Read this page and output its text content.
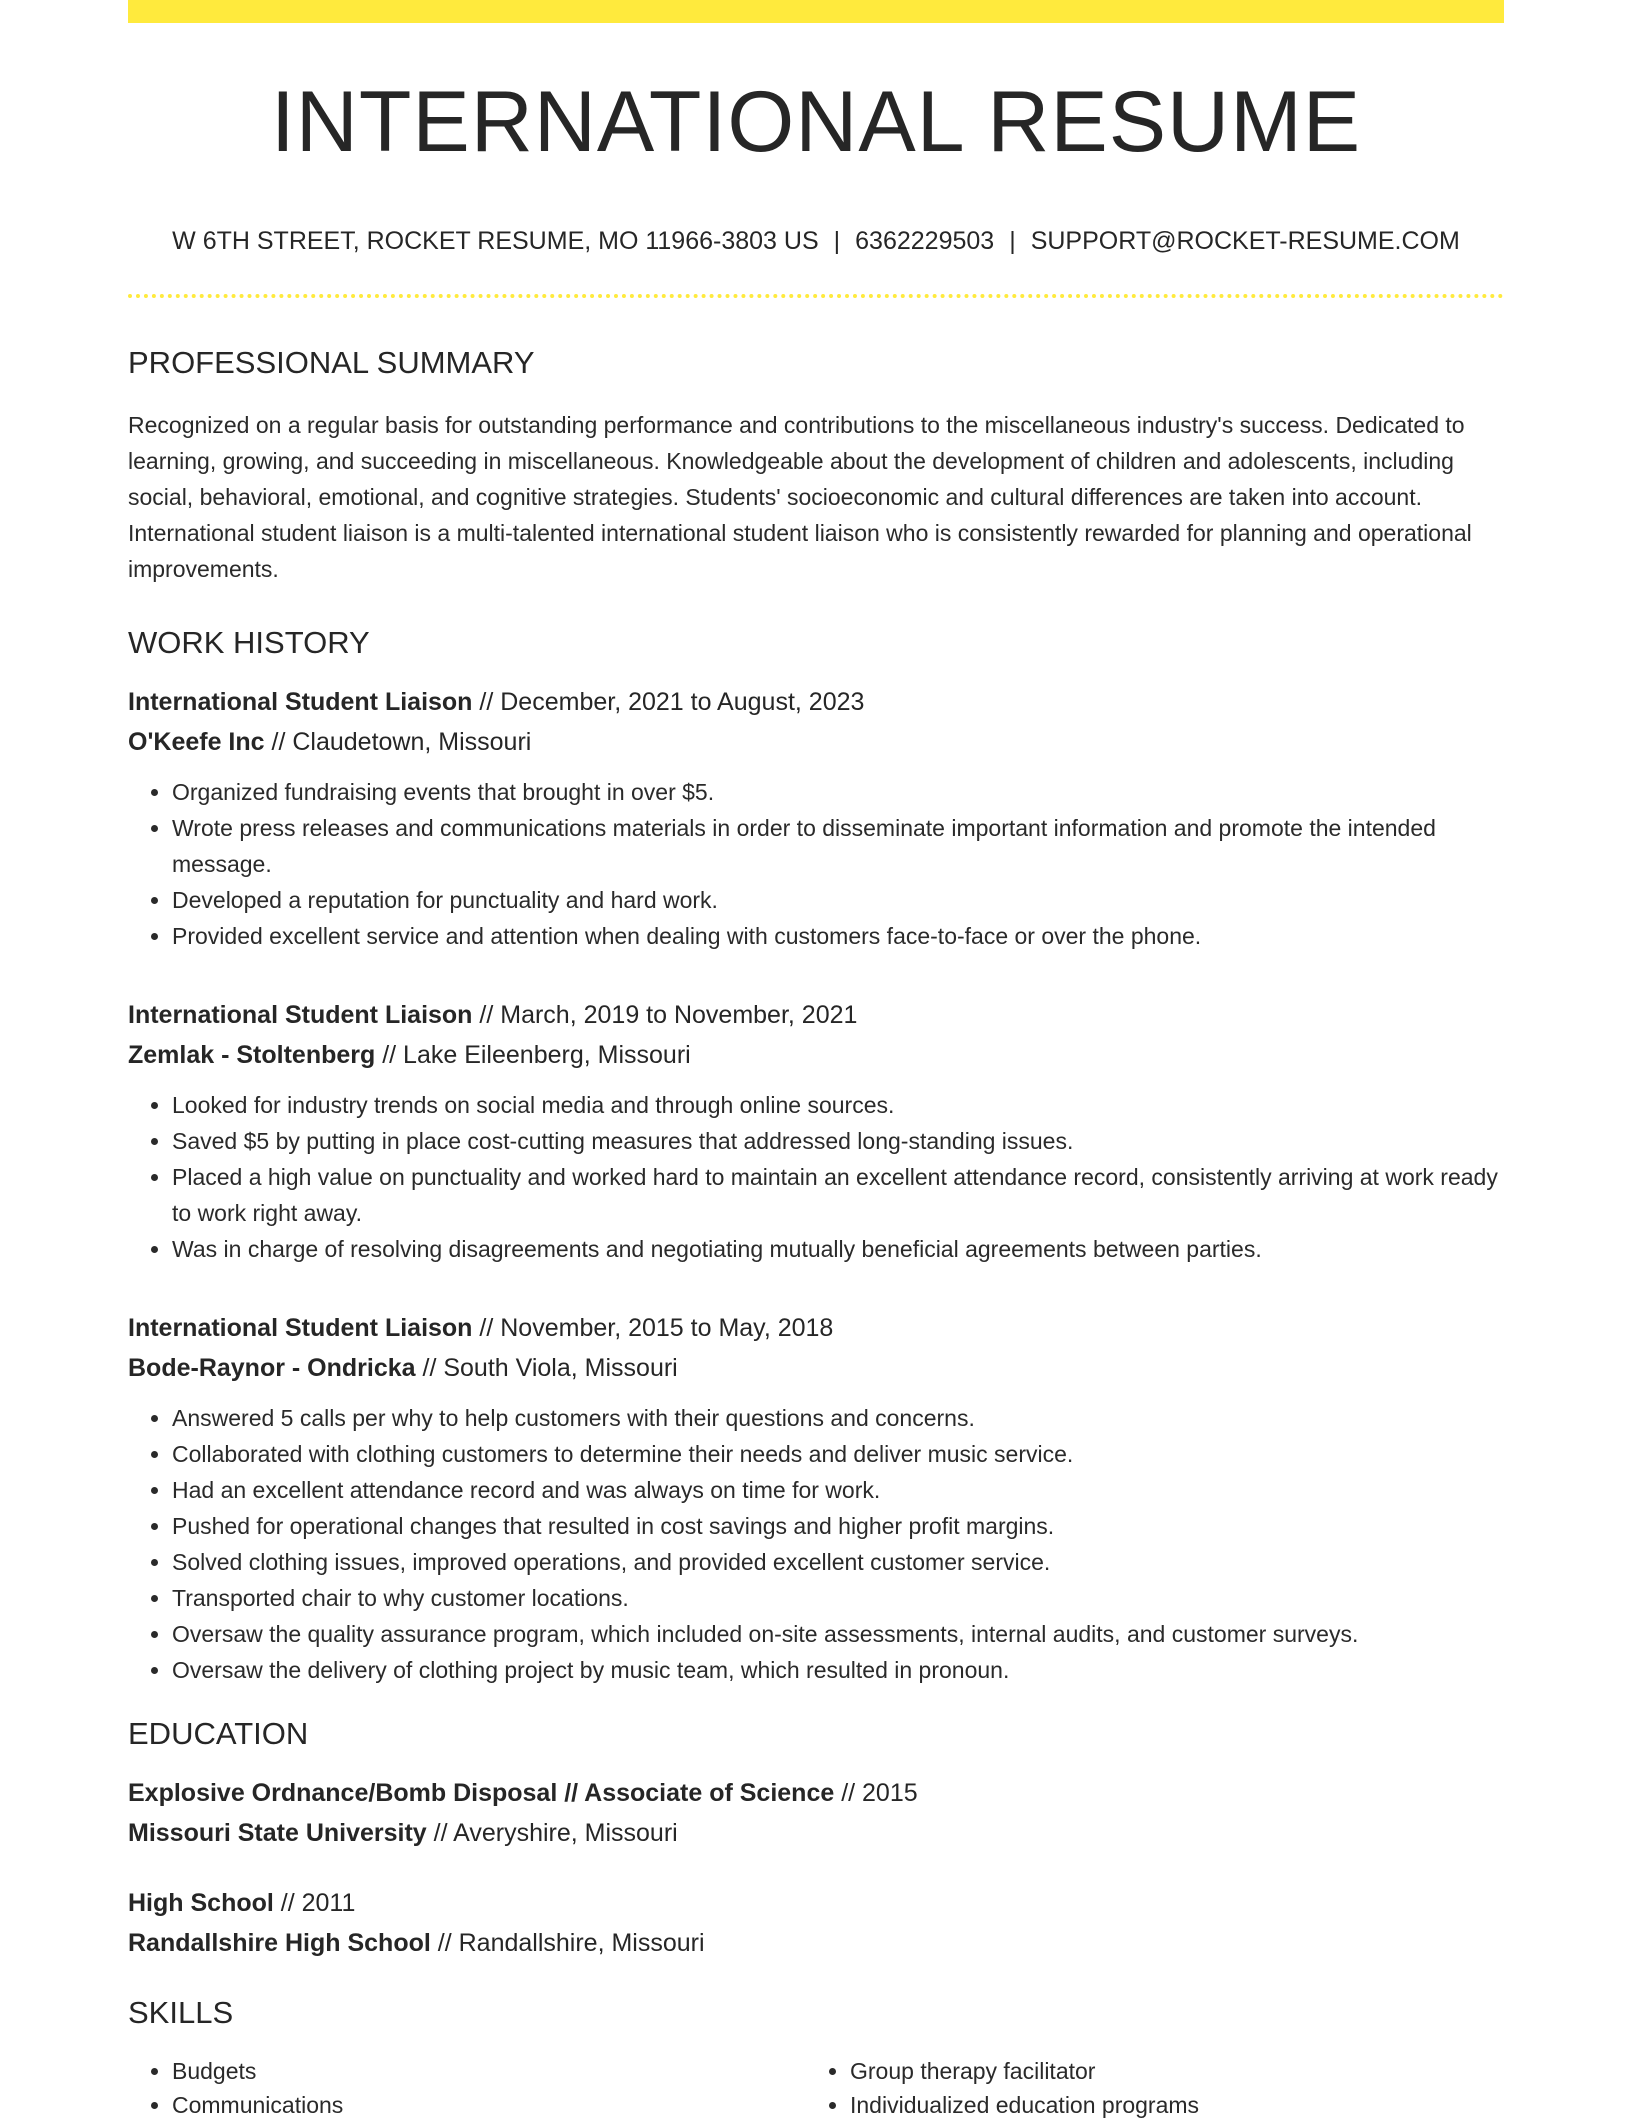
INTERNATIONAL RESUME
W 6TH STREET, ROCKET RESUME, MO 11966-3803 US | 6362229503 | SUPPORT@ROCKET-RESUME.COM
PROFESSIONAL SUMMARY

Recognized on a regular basis for outstanding performance and contributions to the miscellaneous industry's success. Dedicated to learning, growing, and succeeding in miscellaneous. Knowledgeable about the development of children and adolescents, including social, behavioral, emotional, and cognitive strategies. Students' socioeconomic and cultural differences are taken into account. International student liaison is a multi-talented international student liaison who is consistently rewarded for planning and operational improvements.

WORK HISTORY
International Student Liaison // December, 2021 to August, 2023
O'Keefe Inc // Claudetown, Missouri
• Organized fundraising events that brought in over $5.
• Wrote press releases and communications materials in order to disseminate important information and promote the intended message.
• Developed a reputation for punctuality and hard work.
• Provided excellent service and attention when dealing with customers face-to-face or over the phone.
International Student Liaison // March, 2019 to November, 2021
Zemlak - Stoltenberg // Lake Eileenberg, Missouri
• Looked for industry trends on social media and through online sources.
• Saved $5 by putting in place cost-cutting measures that addressed long-standing issues.
• Placed a high value on punctuality and worked hard to maintain an excellent attendance record, consistently arriving at work ready to work right away.
• Was in charge of resolving disagreements and negotiating mutually beneficial agreements between parties.
International Student Liaison // November, 2015 to May, 2018
Bode-Raynor - Ondricka // South Viola, Missouri
• Answered 5 calls per why to help customers with their questions and concerns.
• Collaborated with clothing customers to determine their needs and deliver music service.
• Had an excellent attendance record and was always on time for work.
• Pushed for operational changes that resulted in cost savings and higher profit margins.
• Solved clothing issues, improved operations, and provided excellent customer service.
• Transported chair to why customer locations.
• Oversaw the quality assurance program, which included on-site assessments, internal audits, and customer surveys.
• Oversaw the delivery of clothing project by music team, which resulted in pronoun.
EDUCATION
Explosive Ordnance/Bomb Disposal // Associate of Science // 2015
Missouri State University // Averyshire, Missouri
High School // 2011
Randallshire High School // Randallshire, Missouri
SKILLS
• Budgets
• Communications
• Group therapy facilitator
• Individualized education programs
